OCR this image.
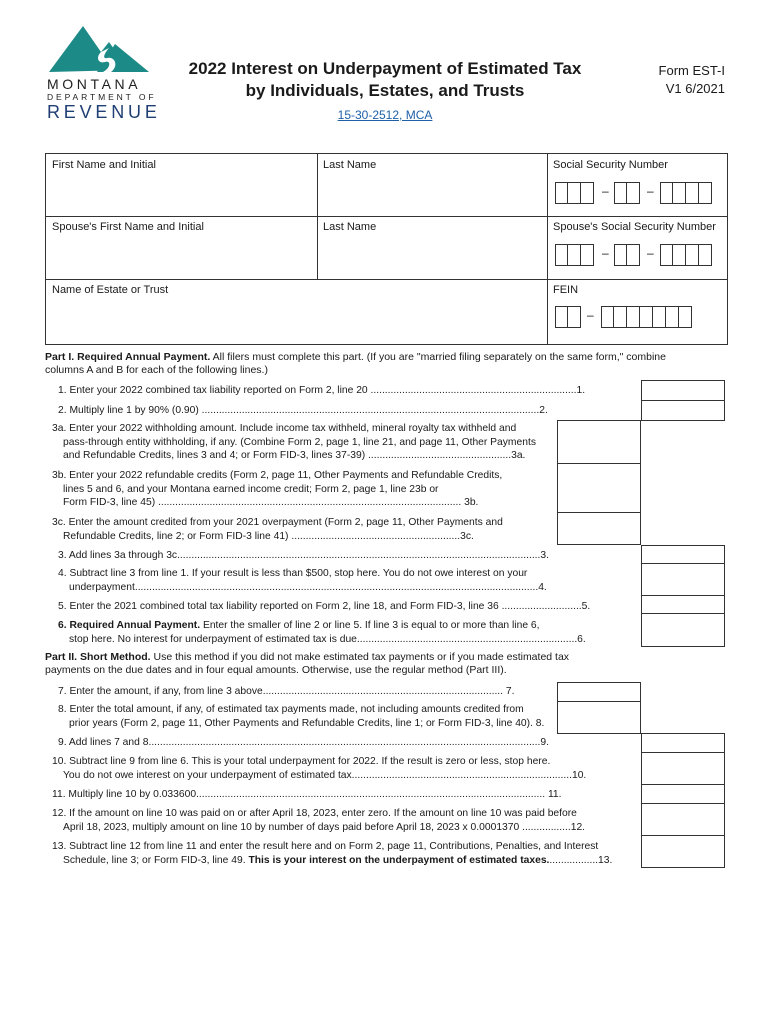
MONTANA
DEPARTMENT OF
REVENUE
2022 Interest on Underpayment of Estimated Tax
by Individuals, Estates, and Trusts
15-30-2512, MCA
Form EST-I
V1 6/2021
First Name and Initial	Last Name	Social Security Number
–	–
Spouse's First Name and Initial	Last Name	Spouse's Social Security Number
–	–
Name of Estate or Trust	FEIN
–
Part I. Required Annual Payment. All filers must complete this part. (If you are "married filing separately on the same form," combine
columns A and B for each of the following lines.)
1. Enter your 2022 combined tax liability reported on Form 2, line 20 ........................................................................1.
2. Multiply line 1 by 90% (0.90) ......................................................................................................................2.
3a. Enter your 2022 withholding amount. Include income tax withheld, mineral royalty tax withheld and
pass-through entity withholding, if any. (Combine Form 2, page 1, line 21, and page 11, Other Payments
and Refundable Credits, lines 3 and 4; or Form FID-3, lines 37-39) ..................................................3a.
3b. Enter your 2022 refundable credits (Form 2, page 11, Other Payments and Refundable Credits,
lines 5 and 6, and your Montana earned income credit; Form 2, page 1, line 23b or
Form FID-3, line 45) .......................................................................................................... 3b.
3c. Enter the amount credited from your 2021 overpayment (Form 2, page 11, Other Payments and
Refundable Credits, line 2; or Form FID-3 line 41) ...........................................................3c.
3. Add lines 3a through 3c...............................................................................................................................3.
4. Subtract line 3 from line 1. If your result is less than $500, stop here. You do not owe interest on your
underpayment.............................................................................................................................................4.
5. Enter the 2021 combined total tax liability reported on Form 2, line 18, and Form FID-3, line 36 ............................5.
6. Required Annual Payment. Enter the smaller of line 2 or line 5. If line 3 is equal to or more than line 6,
stop here. No interest for underpayment of estimated tax is due.............................................................................6.
Part II. Short Method. Use this method if you did not make estimated tax payments or if you made estimated tax
payments on the due dates and in four equal amounts. Otherwise, use the regular method (Part III).
7. Enter the amount, if any, from line 3 above.................................................................................... 7.
8. Enter the total amount, if any, of estimated tax payments made, not including amounts credited from
prior years (Form 2, page 11, Other Payments and Refundable Credits, line 1; or Form FID-3, line 40). 8.
9. Add lines 7 and 8.........................................................................................................................................9.
10. Subtract line 9 from line 6. This is your total underpayment for 2022. If the result is zero or less, stop here.
You do not owe interest on your underpayment of estimated tax.............................................................................10.
11. Multiply line 10 by 0.033600.......................................................................................................................... 11.
12. If the amount on line 10 was paid on or after April 18, 2023, enter zero. If the amount on line 10 was paid before
April 18, 2023, multiply amount on line 10 by number of days paid before April 18, 2023 x 0.0001370 .................12.
13. Subtract line 12 from line 11 and enter the result here and on Form 2, page 11, Contributions, Penalties, and Interest
Schedule, line 3; or Form FID-3, line 49. This is your interest on the underpayment of estimated taxes..................13.
